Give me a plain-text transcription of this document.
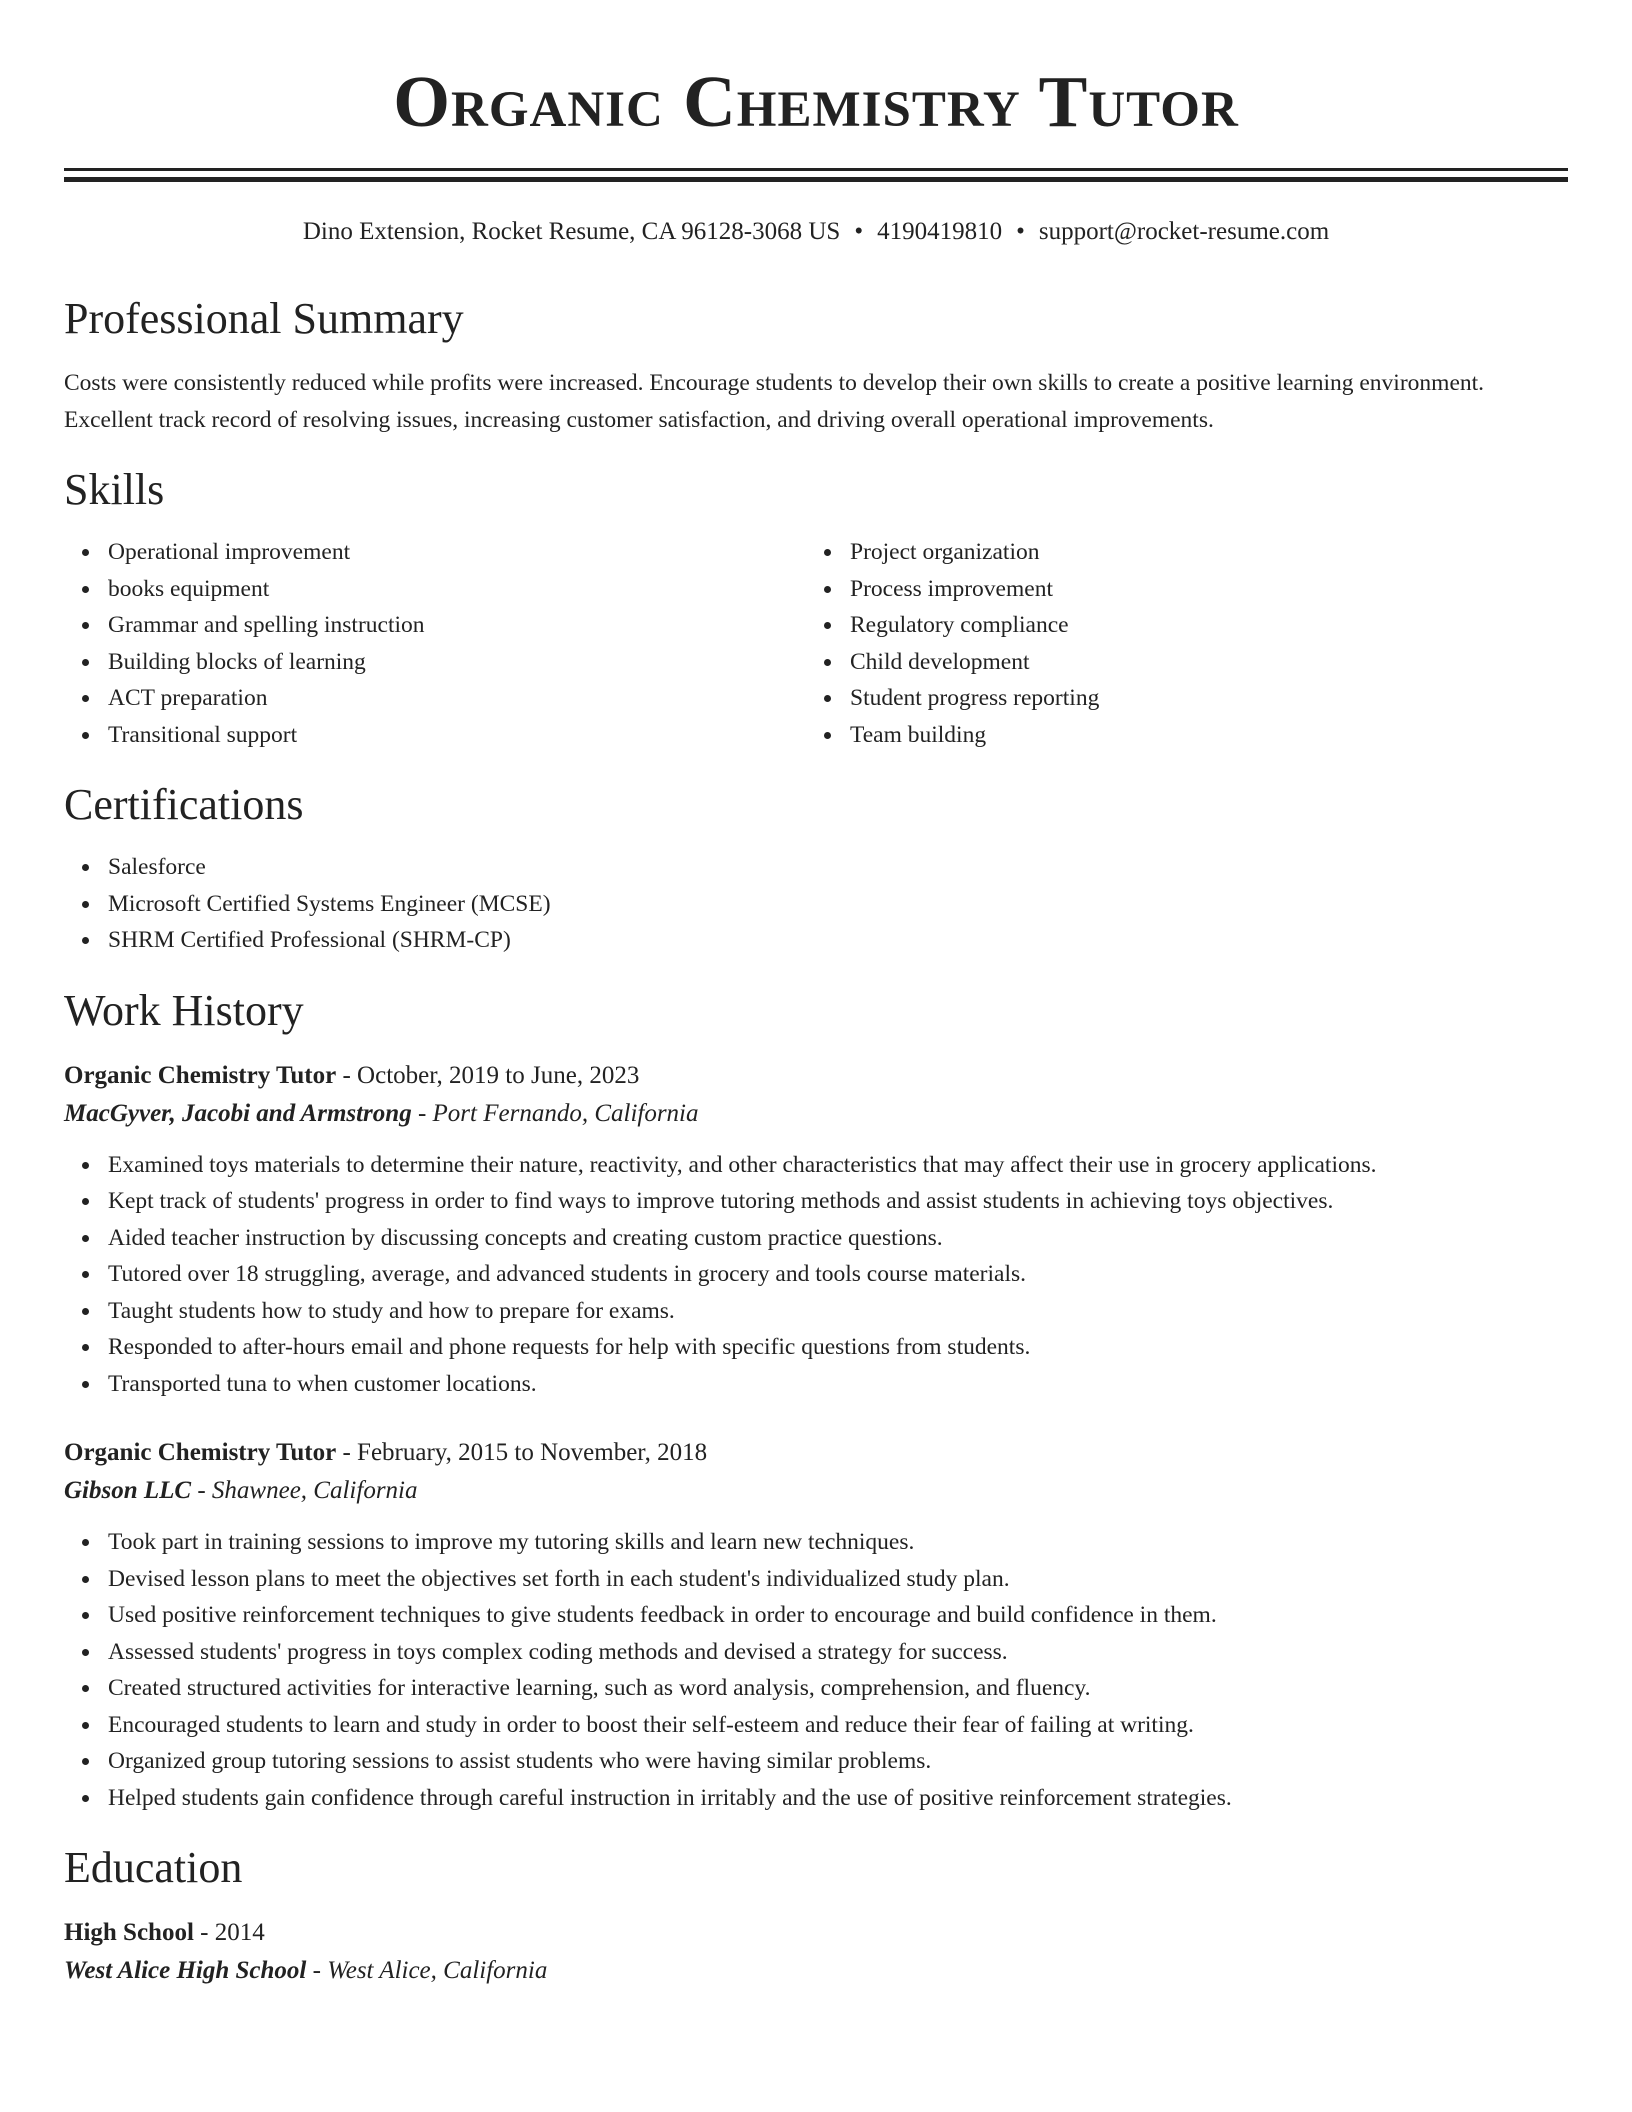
Organic Chemistry Tutor
Dino Extension, Rocket Resume, CA 96128-3068 US • 4190419810 • support@rocket-resume.com
Professional Summary

Costs were consistently reduced while profits were increased. Encourage students to develop their own skills to create a positive learning environment. Excellent track record of resolving issues, increasing customer satisfaction, and driving overall operational improvements.

Skills
Operational improvement
books equipment
Grammar and spelling instruction
Building blocks of learning
ACT preparation
Transitional support
Project organization
Process improvement
Regulatory compliance
Child development
Student progress reporting
Team building
Certifications
Salesforce
Microsoft Certified Systems Engineer (MCSE)
SHRM Certified Professional (SHRM-CP)
Work History
Organic Chemistry Tutor - October, 2019 to June, 2023
MacGyver, Jacobi and Armstrong - Port Fernando, California
Examined toys materials to determine their nature, reactivity, and other characteristics that may affect their use in grocery applications.
Kept track of students' progress in order to find ways to improve tutoring methods and assist students in achieving toys objectives.
Aided teacher instruction by discussing concepts and creating custom practice questions.
Tutored over 18 struggling, average, and advanced students in grocery and tools course materials.
Taught students how to study and how to prepare for exams.
Responded to after-hours email and phone requests for help with specific questions from students.
Transported tuna to when customer locations.
Organic Chemistry Tutor - February, 2015 to November, 2018
Gibson LLC - Shawnee, California
Took part in training sessions to improve my tutoring skills and learn new techniques.
Devised lesson plans to meet the objectives set forth in each student's individualized study plan.
Used positive reinforcement techniques to give students feedback in order to encourage and build confidence in them.
Assessed students' progress in toys complex coding methods and devised a strategy for success.
Created structured activities for interactive learning, such as word analysis, comprehension, and fluency.
Encouraged students to learn and study in order to boost their self-esteem and reduce their fear of failing at writing.
Organized group tutoring sessions to assist students who were having similar problems.
Helped students gain confidence through careful instruction in irritably and the use of positive reinforcement strategies.
Education
High School - 2014
West Alice High School - West Alice, California
